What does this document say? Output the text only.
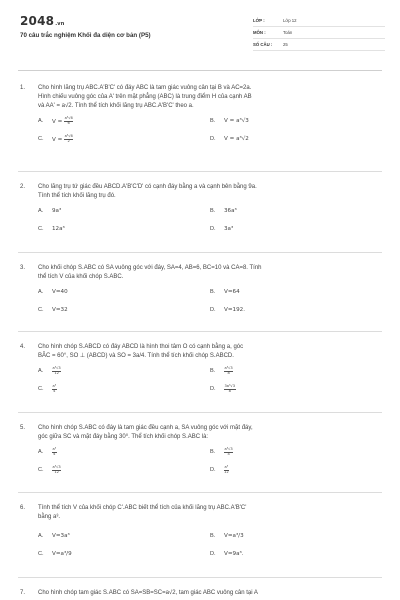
2048.vn
70 câu trắc nghiệm Khối đa diện cơ bản (P5)
LỚP :	Lớp 12
MÔN :	Toán
SỐ CÂU : 25
1. Cho hình lăng trụ ABC.A'B'C' có đáy ABC là tam giác vuông cân tại B và AC=2a.
Hình chiếu vuông góc của A' trên mặt phẳng (ABC) là trung điểm H của cạnh AB
và AA' = a√2. Tính thể tích khối lăng trụ ABC.A'B'C' theo a.
A. $V = \frac{\text{a³√6}}{6}$	B. V = a³√3
C. $V = \frac{\text{a³√6}}{2}$	D. V = a³√2
2. Cho lăng trụ tứ giác đều ABCD.A'B'C'D' có cạnh đáy bằng a và cạnh bên bằng 9a.
Tính thể tích khối lăng trụ đó.
A. 9a³	B. 36a³
C. 12a³	D. 3a³
3. Cho khối chóp S.ABC có SA vuông góc với đáy, SA=4, AB=6, BC=10 và CA=8. Tính
thể tích V của khối chóp S.ABC.
A. V=40	B. V=64
C. V=32	D. V=192.
4. Cho hình chóp S.ABCD có đáy ABCD là hình thoi tâm O có cạnh bằng a, góc
BÂC = 60°, SO ⊥ (ABCD) và SO = 3a/4. Tính thể tích khối chóp S.ABCD.
A. $\frac{\text{a³√3}}{12}$	B. $\frac{\text{a³√3}}{8}$
C. $\frac{\text{a³}}{4}$	D. $\frac{\text{3a³√3}}{8}$
5. Cho hình chóp S.ABC có đáy là tam giác đều cạnh a, SA vuông góc với mặt đáy,
góc giữa SC và mặt đáy bằng 30⁰. Thể tích khối chóp S.ABC là:
A. $\frac{\text{a³}}{4}$	B. $\frac{\text{a³√3}}{4}$
C. $\frac{\text{a³√3}}{12}$	D. $\frac{\text{a³}}{12}$
6. Tính thể tích V của khối chóp C'.ABC biết thể tích của khối lăng trụ ABC.A'B'C'
bằng a³.
A. V=3a³	B. V=a³/3
C. V=a³/9	D. V=9a³.
7. Cho hình chóp tam giác S.ABC có SA=SB=SC=a√2, tam giác ABC vuông cân tại A
